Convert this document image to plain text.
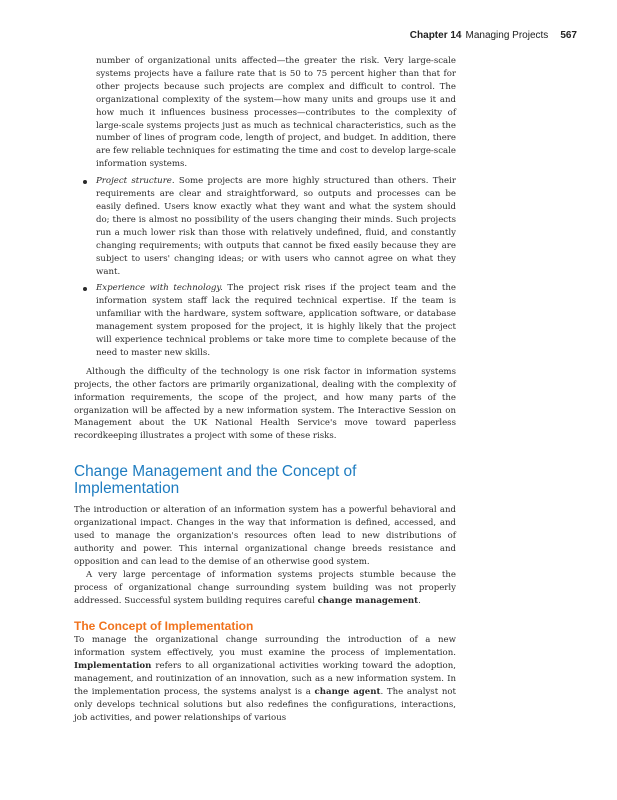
Chapter 14 Managing Projects 567

number of organizational units affected—the greater the risk. Very large-scale systems projects have a failure rate that is 50 to 75 percent higher than that for other projects because such projects are complex and difficult to control. The organizational complexity of the system—how many units and groups use it and how much it influences business processes—contributes to the complexity of large-scale systems projects just as much as technical characteristics, such as the number of lines of program code, length of project, and budget. In addition, there are few reliable techniques for estimating the time and cost to develop large-scale information systems.

Project structure. Some projects are more highly structured than others. Their requirements are clear and straightforward, so outputs and processes can be easily defined. Users know exactly what they want and what the system should do; there is almost no possibility of the users changing their minds. Such projects run a much lower risk than those with relatively undefined, fluid, and constantly changing requirements; with outputs that cannot be fixed easily because they are subject to users' changing ideas; or with users who cannot agree on what they want.

Experience with technology. The project risk rises if the project team and the information system staff lack the required technical expertise. If the team is unfamiliar with the hardware, system software, application software, or database management system proposed for the project, it is highly likely that the project will experience technical problems or take more time to complete because of the need to master new skills.

Although the difficulty of the technology is one risk factor in information systems projects, the other factors are primarily organizational, dealing with the complexity of information requirements, the scope of the project, and how many parts of the organization will be affected by a new information system. The Interactive Session on Management about the UK National Health Service's move toward paperless recordkeeping illustrates a project with some of these risks.

Change Management and the Concept of Implementation

The introduction or alteration of an information system has a powerful behavioral and organizational impact. Changes in the way that information is defined, accessed, and used to manage the organization's resources often lead to new distributions of authority and power. This internal organizational change breeds resistance and opposition and can lead to the demise of an otherwise good system.

A very large percentage of information systems projects stumble because the process of organizational change surrounding system building was not properly addressed. Successful system building requires careful change management.

The Concept of Implementation

To manage the organizational change surrounding the introduction of a new information system effectively, you must examine the process of implementation. Implementation refers to all organizational activities working toward the adoption, management, and routinization of an innovation, such as a new information system. In the implementation process, the systems analyst is a change agent. The analyst not only develops technical solutions but also redefines the configurations, interactions, job activities, and power relationships of various
